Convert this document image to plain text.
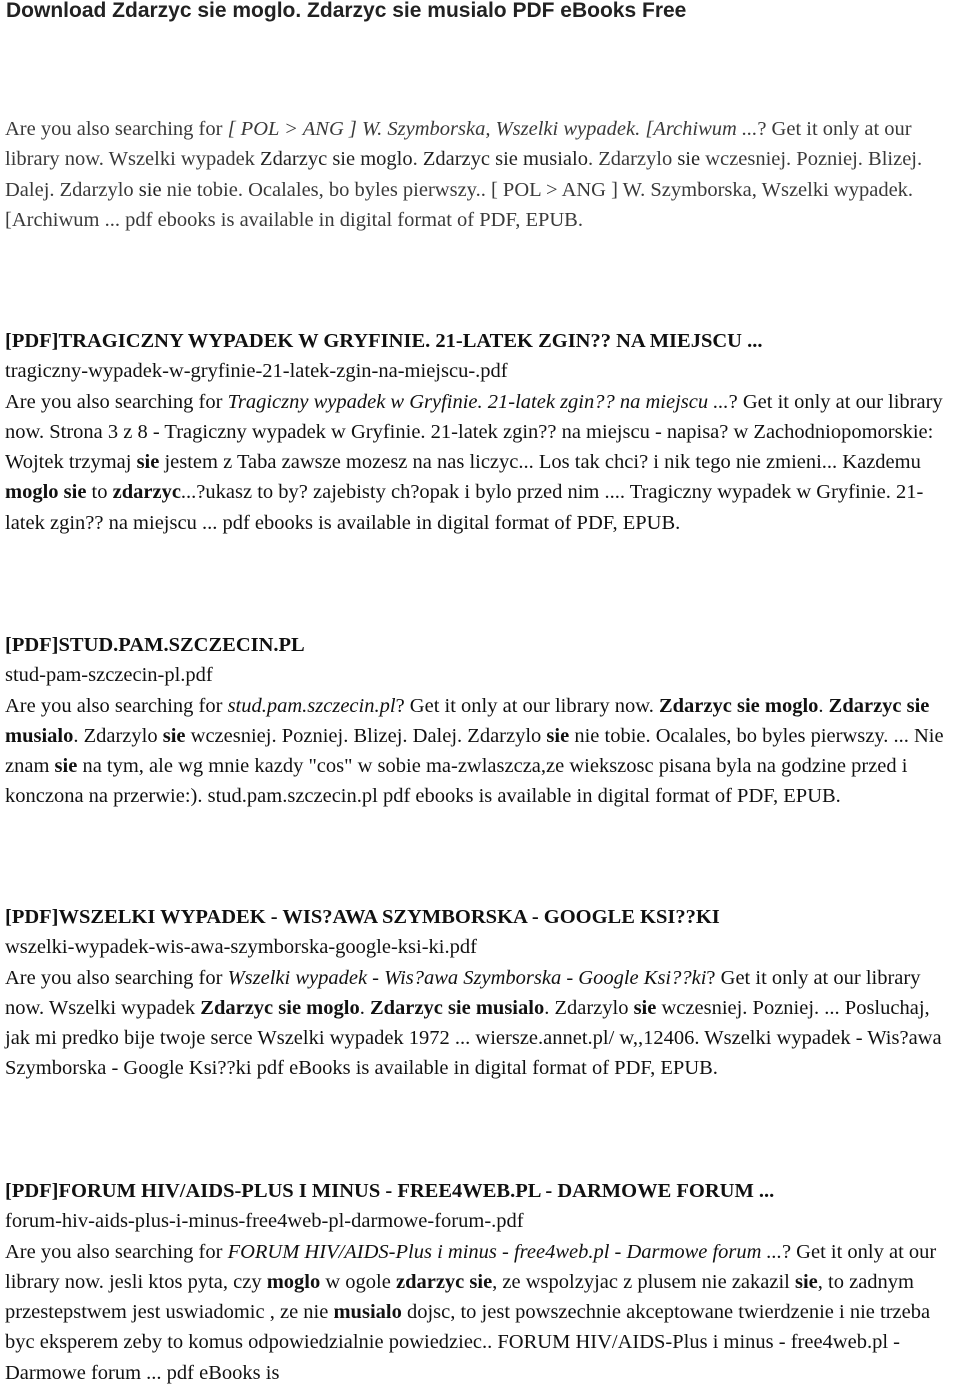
Download Zdarzyc sie moglo. Zdarzyc sie musialo PDF eBooks Free

Are you also searching for [ POL > ANG ] W. Szymborska, Wszelki wypadek. [Archiwum ...? Get it only at our library now. Wszelki wypadek Zdarzyc sie moglo. Zdarzyc sie musialo. Zdarzylo sie wczesniej. Pozniej. Blizej. Dalej. Zdarzylo sie nie tobie. Ocalales, bo byles pierwszy.. [ POL > ANG ] W. Szymborska, Wszelki wypadek. [Archiwum ... pdf ebooks is available in digital format of PDF, EPUB.

[PDF]TRAGICZNY WYPADEK W GRYFINIE. 21-LATEK ZGIN?? NA MIEJSCU ...

tragiczny-wypadek-w-gryfinie-21-latek-zgin-na-miejscu-.pdf

Are you also searching for Tragiczny wypadek w Gryfinie. 21-latek zgin?? na miejscu ...? Get it only at our library now. Strona 3 z 8 - Tragiczny wypadek w Gryfinie. 21-latek zgin?? na miejscu - napisa? w Zachodniopomorskie: Wojtek trzymaj sie jestem z Taba zawsze mozesz na nas liczyc... Los tak chci? i nik tego nie zmieni... Kazdemu moglo sie to zdarzyc...?ukasz to by? zajebisty ch?opak i bylo przed nim .... Tragiczny wypadek w Gryfinie. 21-latek zgin?? na miejscu ... pdf ebooks is available in digital format of PDF, EPUB.

[PDF]STUD.PAM.SZCZECIN.PL

stud-pam-szczecin-pl.pdf

Are you also searching for stud.pam.szczecin.pl? Get it only at our library now. Zdarzyc sie moglo. Zdarzyc sie musialo. Zdarzylo sie wczesniej. Pozniej. Blizej. Dalej. Zdarzylo sie nie tobie. Ocalales, bo byles pierwszy. ... Nie znam sie na tym, ale wg mnie kazdy "cos" w sobie ma-zwlaszcza,ze wiekszosc pisana byla na godzine przed i konczona na przerwie:). stud.pam.szczecin.pl pdf ebooks is available in digital format of PDF, EPUB.

[PDF]WSZELKI WYPADEK - WIS?AWA SZYMBORSKA - GOOGLE KSI??KI

wszelki-wypadek-wis-awa-szymborska-google-ksi-ki.pdf

Are you also searching for Wszelki wypadek - Wis?awa Szymborska - Google Ksi??ki? Get it only at our library now. Wszelki wypadek Zdarzyc sie moglo. Zdarzyc sie musialo. Zdarzylo sie wczesniej. Pozniej. ... Posluchaj, jak mi predko bije twoje serce Wszelki wypadek 1972 ... wiersze.annet.pl/ w,,12406. Wszelki wypadek - Wis?awa Szymborska - Google Ksi??ki pdf eBooks is available in digital format of PDF, EPUB.

[PDF]FORUM HIV/AIDS-PLUS I MINUS - FREE4WEB.PL - DARMOWE FORUM ...

forum-hiv-aids-plus-i-minus-free4web-pl-darmowe-forum-.pdf

Are you also searching for FORUM HIV/AIDS-Plus i minus - free4web.pl - Darmowe forum ...? Get it only at our library now. jesli ktos pyta, czy moglo w ogole zdarzyc sie, ze wspolzyjac z plusem nie zakazil sie, to zadnym przestepstwem jest uswiadomic , ze nie musialo dojsc, to jest powszechnie akceptowane twierdzenie i nie trzeba byc eksperem zeby to komus odpowiedzialnie powiedziec.. FORUM HIV/AIDS-Plus i minus - free4web.pl - Darmowe forum ... pdf eBooks is
